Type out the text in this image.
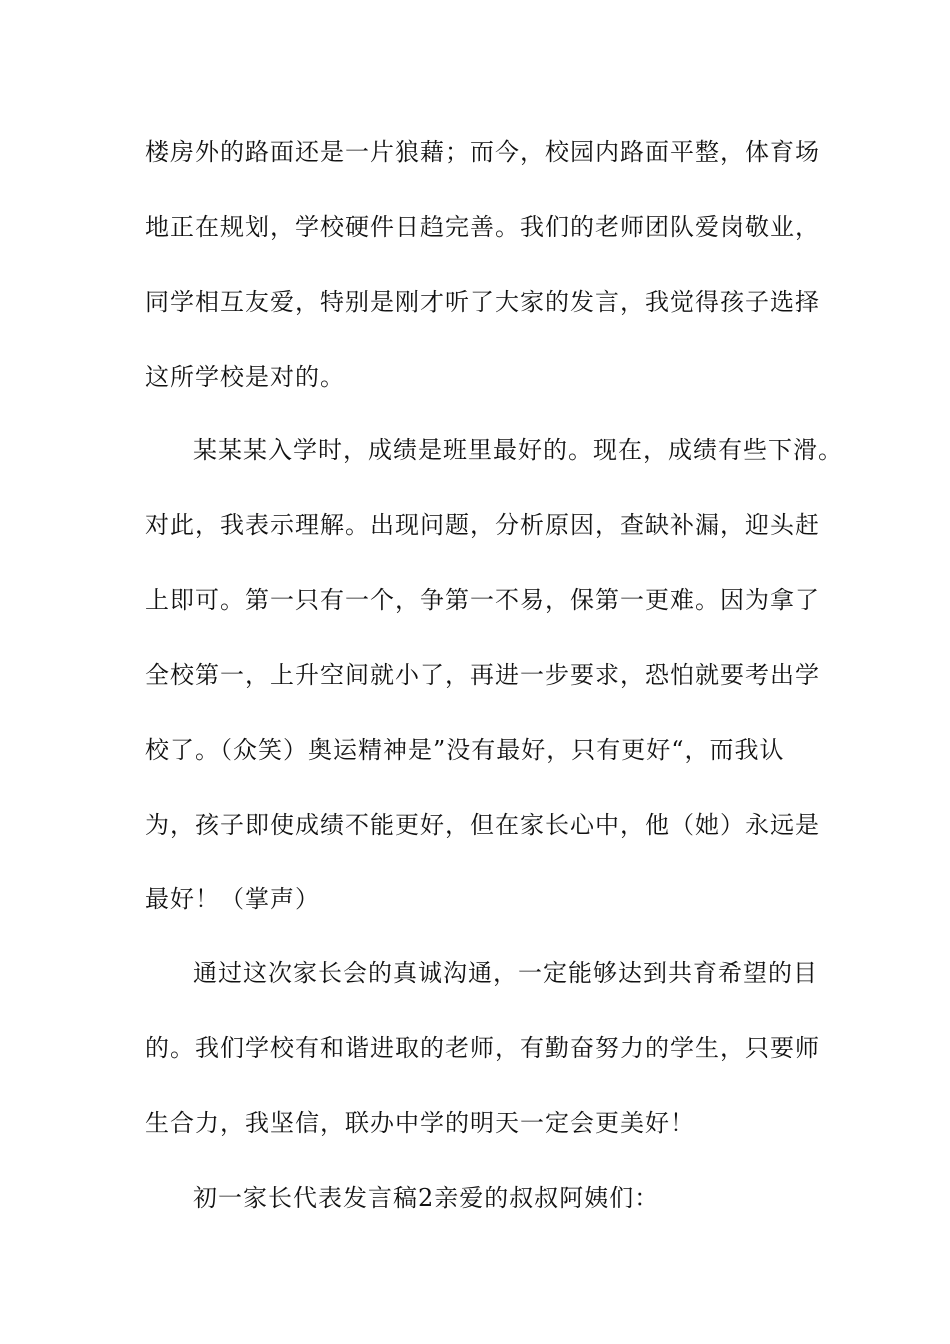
楼房外的路面还是一片狼藉；而今，校园内路面平整，体育场
地正在规划，学校硬件日趋完善。我们的老师团队爱岗敬业，
同学相互友爱，特别是刚才听了大家的发言，我觉得孩子选择
这所学校是对的。
某某某入学时，成绩是班里最好的。现在，成绩有些下滑。
对此，我表示理解。出现问题，分析原因，查缺补漏，迎头赶
上即可。第一只有一个，争第一不易，保第一更难。因为拿了
全校第一，上升空间就小了，再进一步要求，恐怕就要考出学
校了。（众笑）奥运精神是”没有最好，只有更好“，而我认
为，孩子即使成绩不能更好，但在家长心中，他（她）永远是
最好！（掌声）
通过这次家长会的真诚沟通，一定能够达到共育希望的目
的。我们学校有和谐进取的老师，有勤奋努力的学生，只要师
生合力，我坚信，联办中学的明天一定会更美好！
初一家长代表发言稿2亲爱的叔叔阿姨们：
